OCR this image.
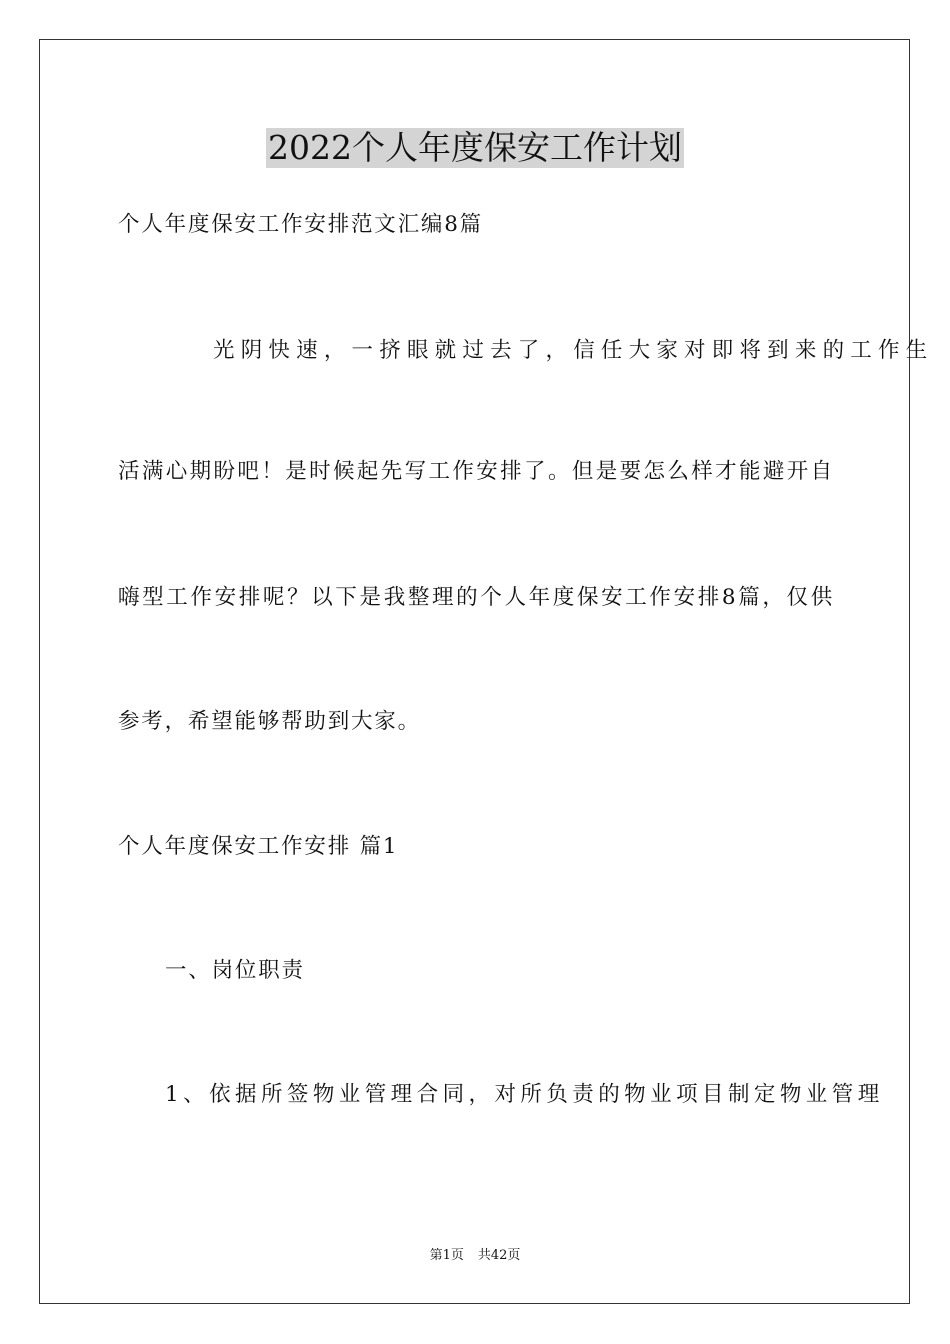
2022个人年度保安工作计划
个人年度保安工作安排范文汇编8篇
光阴快速，一挤眼就过去了，信任大家对即将到来的工作生
活满心期盼吧！是时候起先写工作安排了。但是要怎么样才能避开自
嗨型工作安排呢？以下是我整理的个人年度保安工作安排8篇，仅供
参考，希望能够帮助到大家。
个人年度保安工作安排 篇1
一、岗位职责
1、依据所签物业管理合同，对所负责的物业项目制定物业管理
第1页 共42页
